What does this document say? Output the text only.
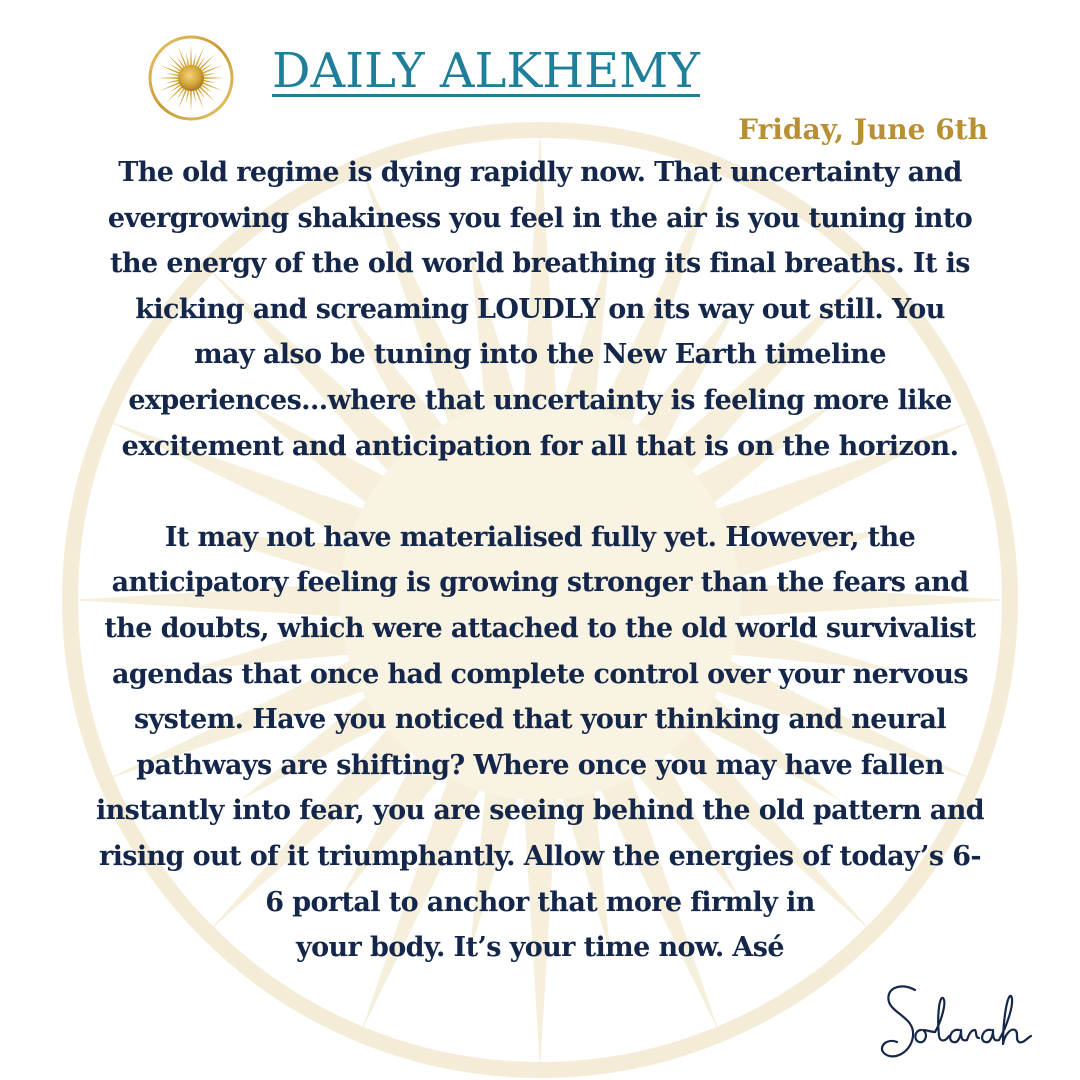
DAILY ALKHEMY
Friday, June 6th
The old regime is dying rapidly now. That uncertainty and
evergrowing shakiness you feel in the air is you tuning into
the energy of the old world breathing its final breaths. It is
kicking and screaming LOUDLY on its way out still. You
may also be tuning into the New Earth timeline
experiences...where that uncertainty is feeling more like
excitement and anticipation for all that is on the horizon.
It may not have materialised fully yet. However, the
anticipatory feeling is growing stronger than the fears and
the doubts, which were attached to the old world survivalist
agendas that once had complete control over your nervous
system. Have you noticed that your thinking and neural
pathways are shifting? Where once you may have fallen
instantly into fear, you are seeing behind the old pattern and
rising out of it triumphantly. Allow the energies of today’s 6-
6 portal to anchor that more firmly in
your body. It’s your time now. Asé
